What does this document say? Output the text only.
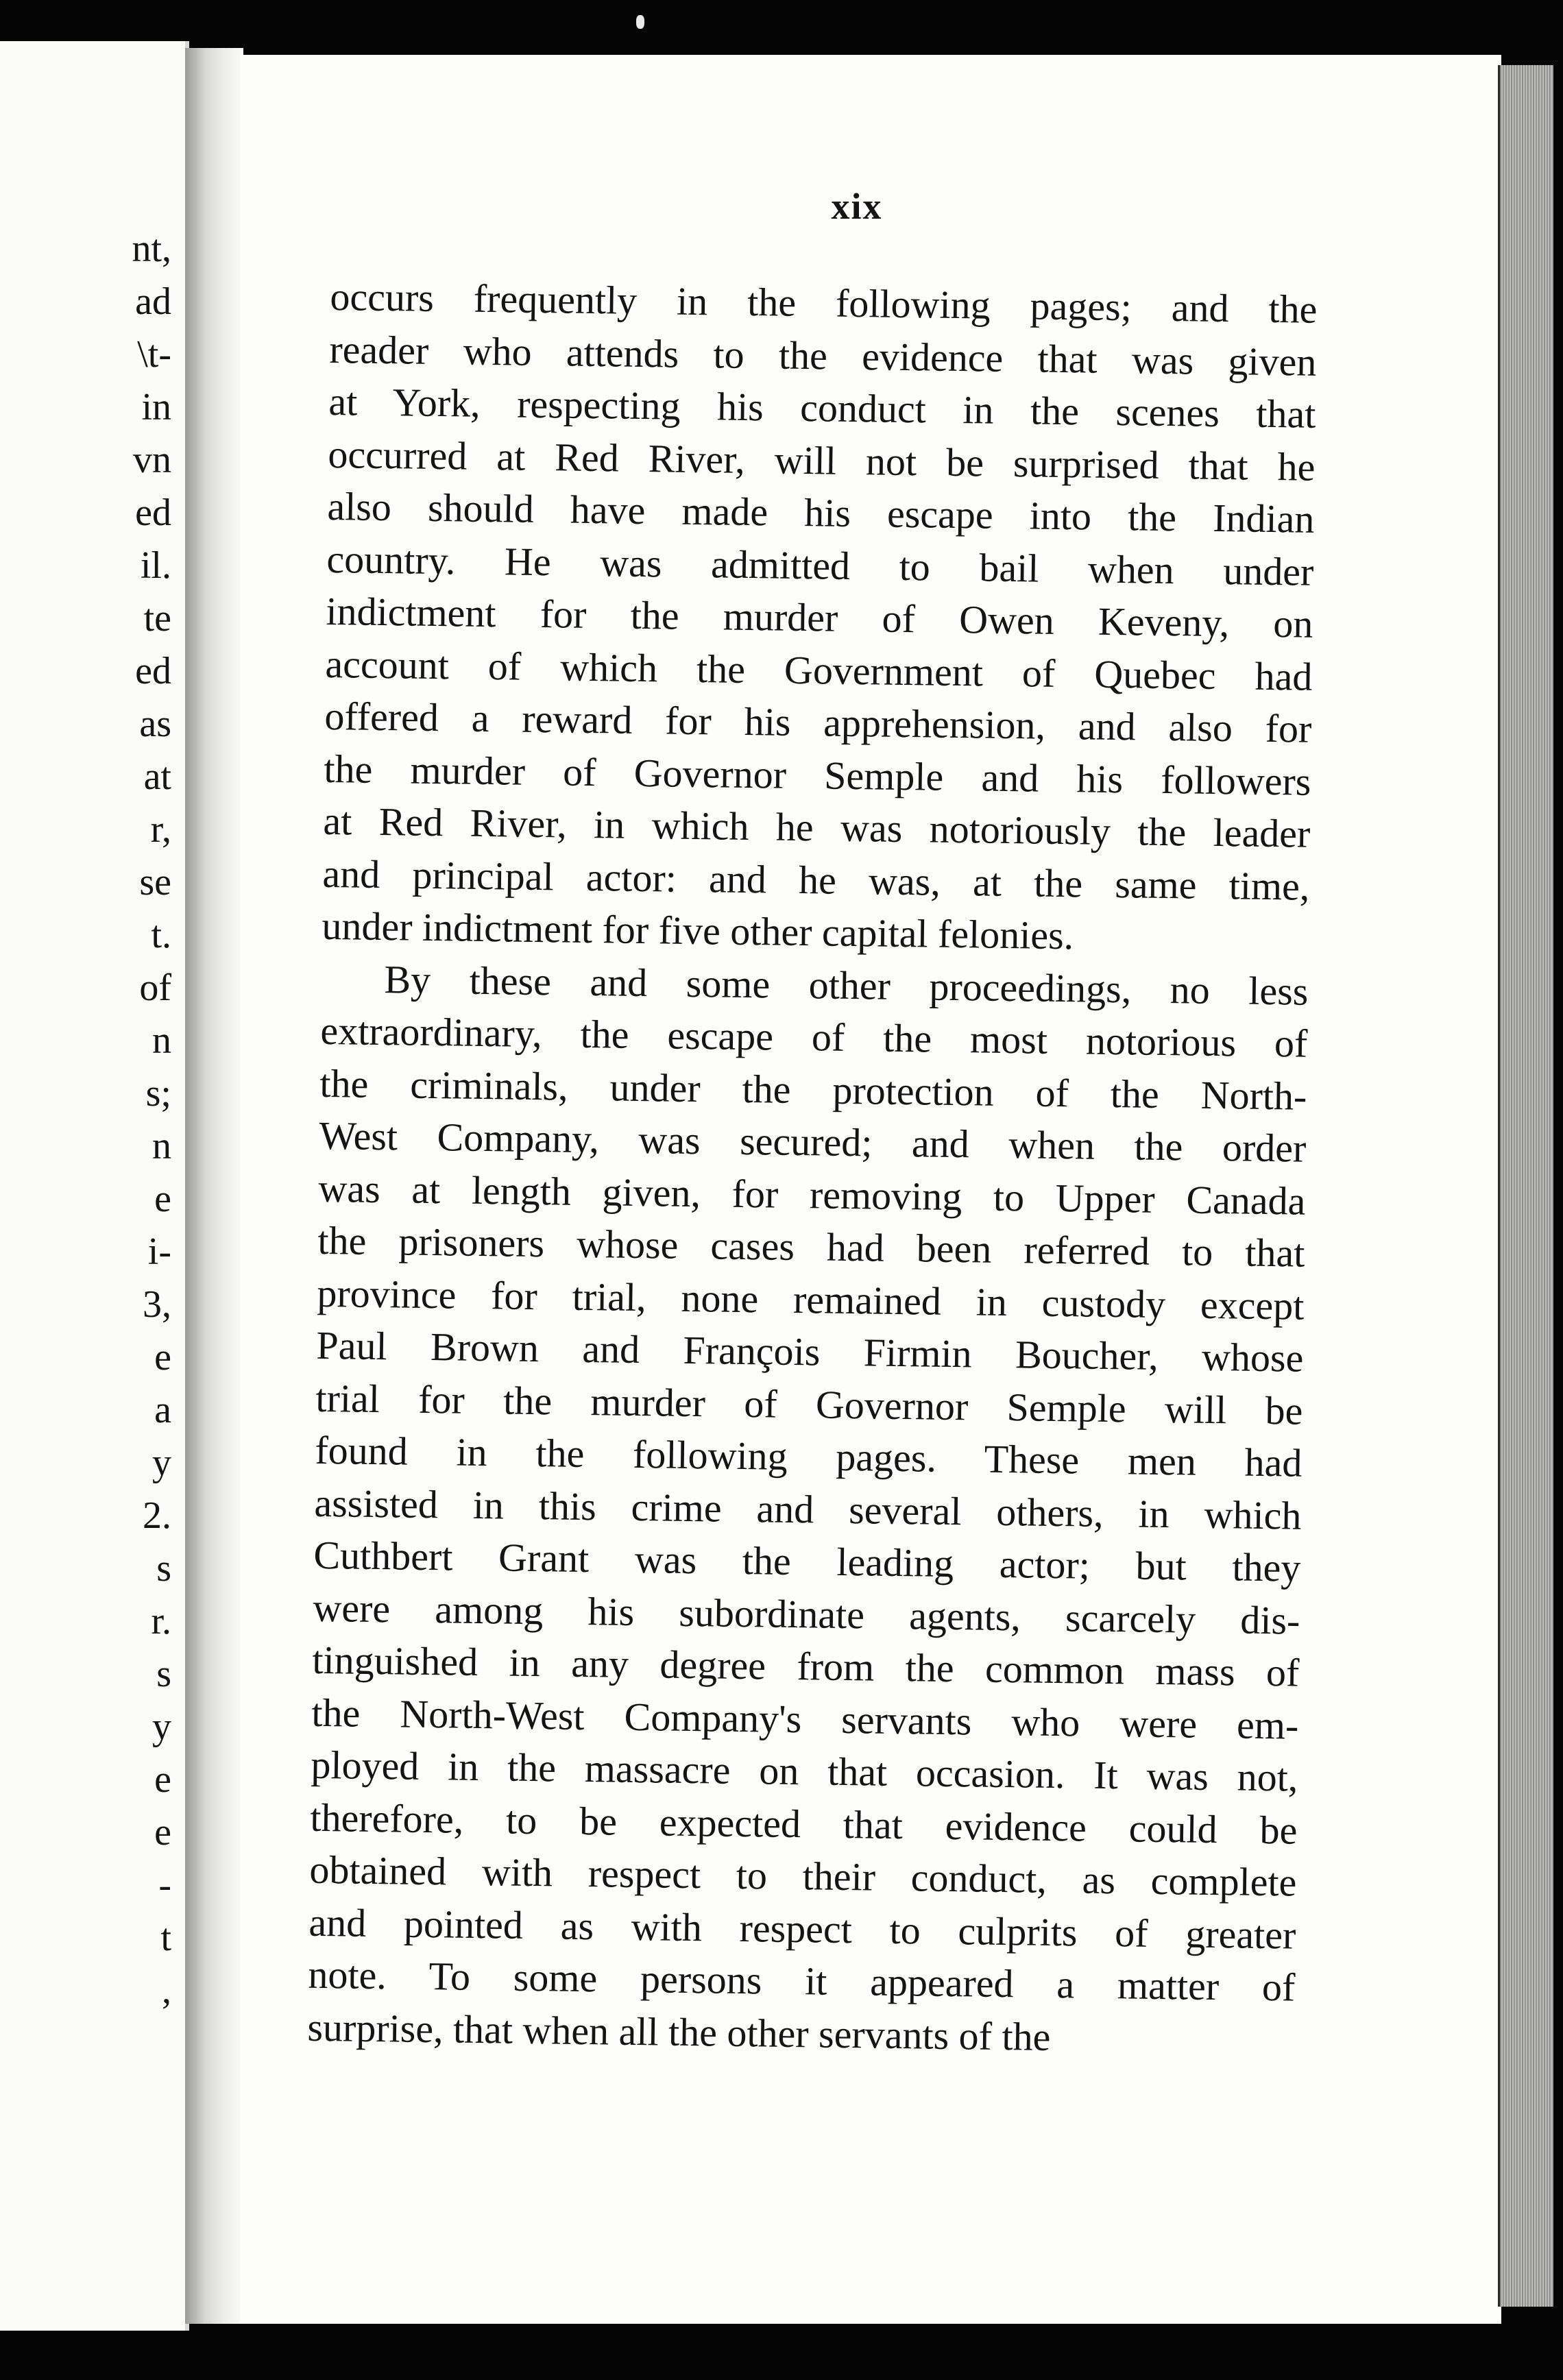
nt,
ad
\t-
in
vn
ed
il.
te
ed
as
at
r,
se
t.
of
n
s;
n
e
i-
3,
e
a
y
2.
s
r.
s
y
e
e
-
t
,
xix
occurs frequently in the following pages; and the
reader who attends to the evidence that was given
at York, respecting his conduct in the scenes that
occurred at Red River, will not be surprised that he
also should have made his escape into the Indian
country. He was admitted to bail when under
indictment for the murder of Owen Keveny, on
account of which the Government of Quebec had
offered a reward for his apprehension, and also for
the murder of Governor Semple and his followers
at Red River, in which he was notoriously the leader
and principal actor: and he was, at the same time,
under indictment for five other capital felonies.
By these and some other proceedings, no less
extraordinary, the escape of the most notorious of
the criminals, under the protection of the North-
West Company, was secured; and when the order
was at length given, for removing to Upper Canada
the prisoners whose cases had been referred to that
province for trial, none remained in custody except
Paul Brown and François Firmin Boucher, whose
trial for the murder of Governor Semple will be
found in the following pages. These men had
assisted in this crime and several others, in which
Cuthbert Grant was the leading actor; but they
were among his subordinate agents, scarcely dis-
tinguished in any degree from the common mass of
the North-West Company's servants who were em-
ployed in the massacre on that occasion. It was not,
therefore, to be expected that evidence could be
obtained with respect to their conduct, as complete
and pointed as with respect to culprits of greater
note. To some persons it appeared a matter of
surprise, that when all the other servants of the
